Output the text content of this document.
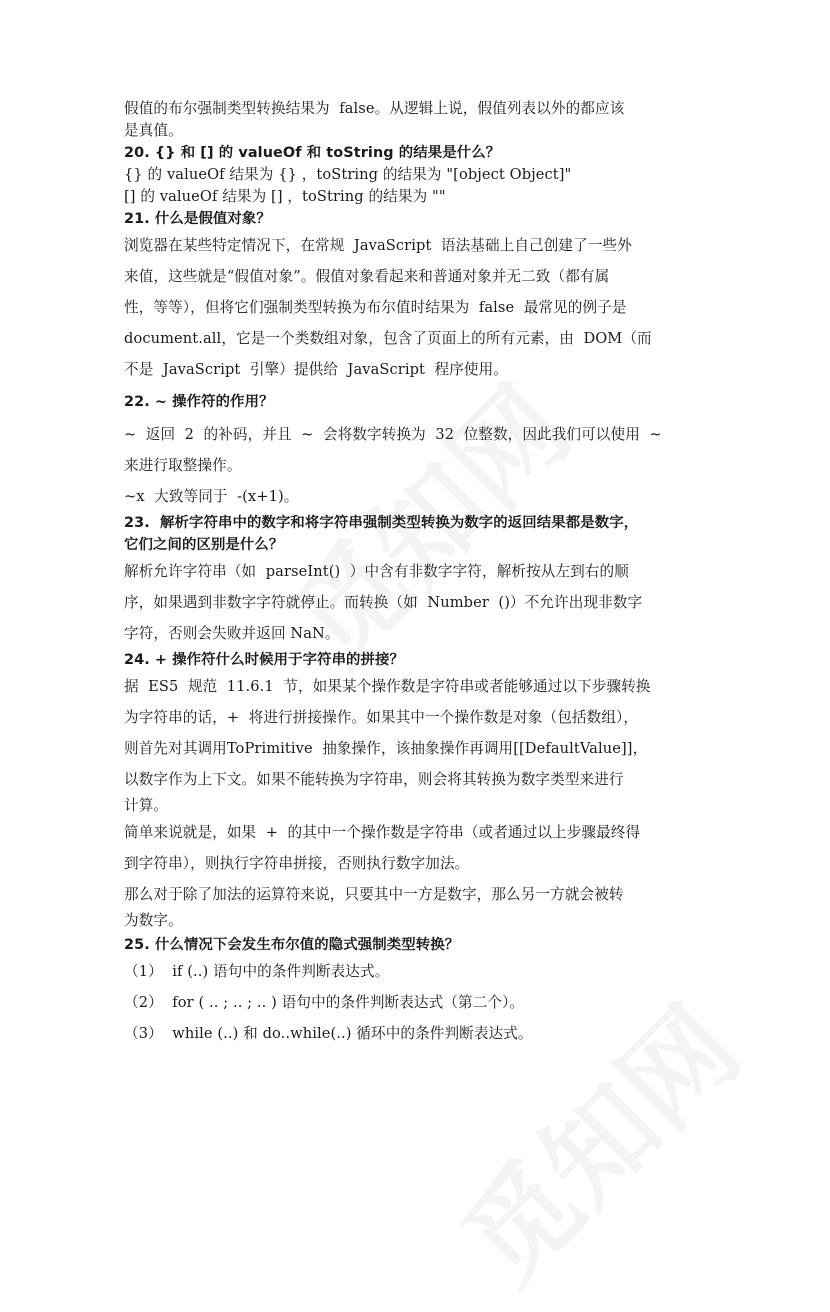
假值的布尔强制类型转换结果为  false。从逻辑上说，假值列表以外的都应该

是真值。

20. {} 和 [] 的 valueOf 和 toString 的结果是什么？

{} 的 valueOf 结果为 {} ，toString 的结果为 "[object Object]"

[] 的 valueOf 结果为 [] ，toString 的结果为 ""

21. 什么是假值对象？

浏览器在某些特定情况下，在常规  JavaScript  语法基础上自己创建了一些外

来值，这些就是“假值对象”。假值对象看起来和普通对象并无二致（都有属

性，等等），但将它们强制类型转换为布尔值时结果为  false  最常见的例子是

document.all，它是一个类数组对象，包含了页面上的所有元素，由  DOM（而

不是  JavaScript  引擎）提供给  JavaScript  程序使用。

22. ~ 操作符的作用？

~  返回  2  的补码，并且  ~  会将数字转换为  32  位整数，因此我们可以使用  ~

来进行取整操作。

~x  大致等同于  -(x+1)。

23.  解析字符串中的数字和将字符串强制类型转换为数字的返回结果都是数字，

它们之间的区别是什么？

解析允许字符串（如  parseInt()  ）中含有非数字字符，解析按从左到右的顺

序，如果遇到非数字字符就停止。而转换（如  Number  ()）不允许出现非数字

字符，否则会失败并返回 NaN。

24. + 操作符什么时候用于字符串的拼接？

据  ES5  规范  11.6.1  节，如果某个操作数是字符串或者能够通过以下步骤转换

为字符串的话，+  将进行拼接操作。如果其中一个操作数是对象（包括数组），

则首先对其调用ToPrimitive  抽象操作，该抽象操作再调用[[DefaultValue]]，

以数字作为上下文。如果不能转换为字符串，则会将其转换为数字类型来进行

计算。

简单来说就是，如果  +  的其中一个操作数是字符串（或者通过以上步骤最终得

到字符串），则执行字符串拼接，否则执行数字加法。

那么对于除了加法的运算符来说，只要其中一方是数字，那么另一方就会被转

为数字。

25. 什么情况下会发生布尔值的隐式强制类型转换？

（1）  if (..) 语句中的条件判断表达式。

（2）  for ( .. ; .. ; .. ) 语句中的条件判断表达式（第二个）。

（3）  while (..) 和 do..while(..) 循环中的条件判断表达式。
